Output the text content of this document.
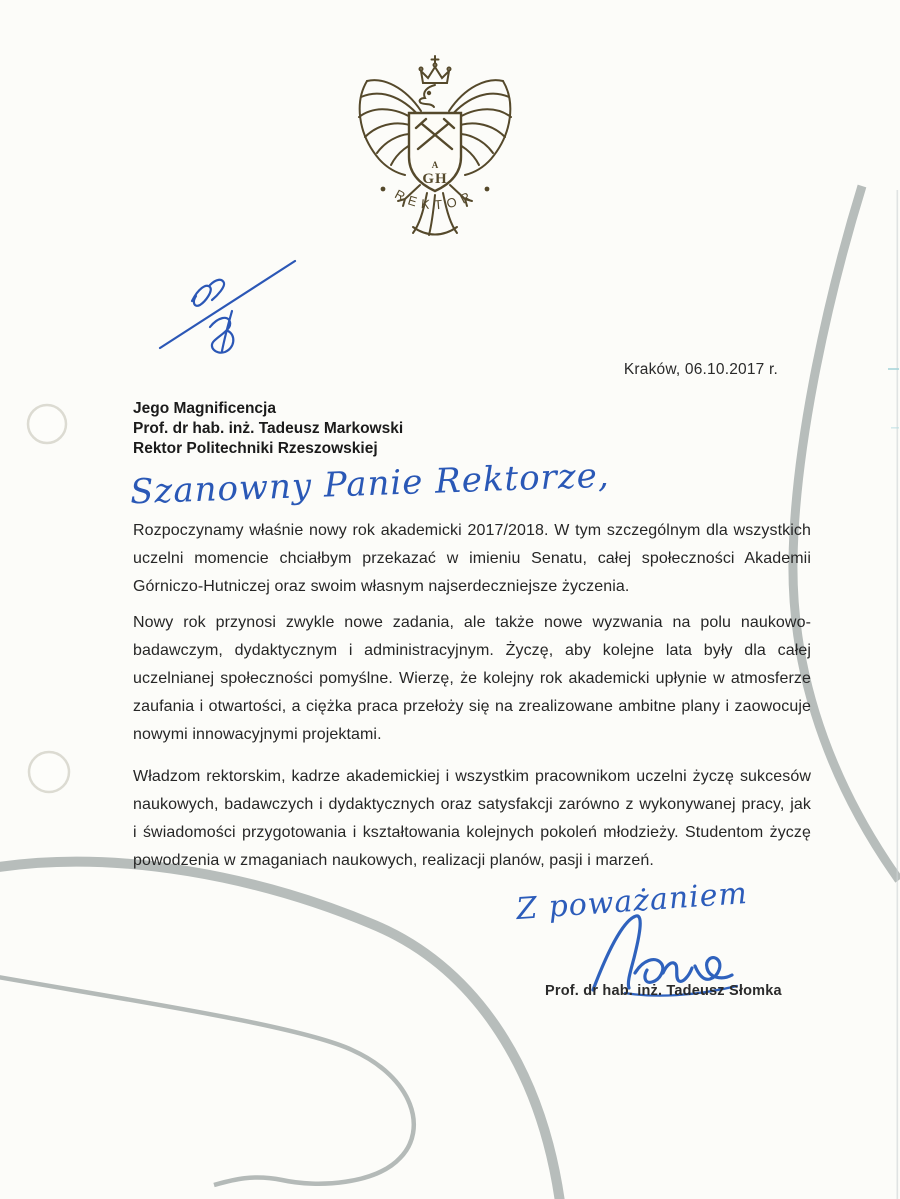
REKTOR
A
GH
Kraków, 06.10.2017 r.
Jego Magnificencja
Prof. dr hab. inż. Tadeusz Markowski
Rektor Politechniki Rzeszowskiej
Szanowny Panie Rektorze,
Rozpoczynamy właśnie nowy rok akademicki 2017/2018. W tym szczególnym dla wszystkich
uczelni momencie chciałbym przekazać w imieniu Senatu, całej społeczności Akademii
Górniczo-Hutniczej oraz swoim własnym najserdeczniejsze życzenia.
Nowy rok przynosi zwykle nowe zadania, ale także nowe wyzwania na polu naukowo-
badawczym, dydaktycznym i administracyjnym. Życzę, aby kolejne lata były dla całej
uczelnianej społeczności pomyślne. Wierzę, że kolejny rok akademicki upłynie w atmosferze
zaufania i otwartości, a ciężka praca przełoży się na zrealizowane ambitne plany i zaowocuje
nowymi innowacyjnymi projektami.
Władzom rektorskim, kadrze akademickiej i wszystkim pracownikom uczelni życzę sukcesów
naukowych, badawczych i dydaktycznych oraz satysfakcji zarówno z wykonywanej pracy, jak
i świadomości przygotowania i kształtowania kolejnych pokoleń młodzieży. Studentom życzę
powodzenia w zmaganiach naukowych, realizacji planów, pasji i marzeń.
Z poważaniem
Prof. dr hab. inż. Tadeusz Słomka
